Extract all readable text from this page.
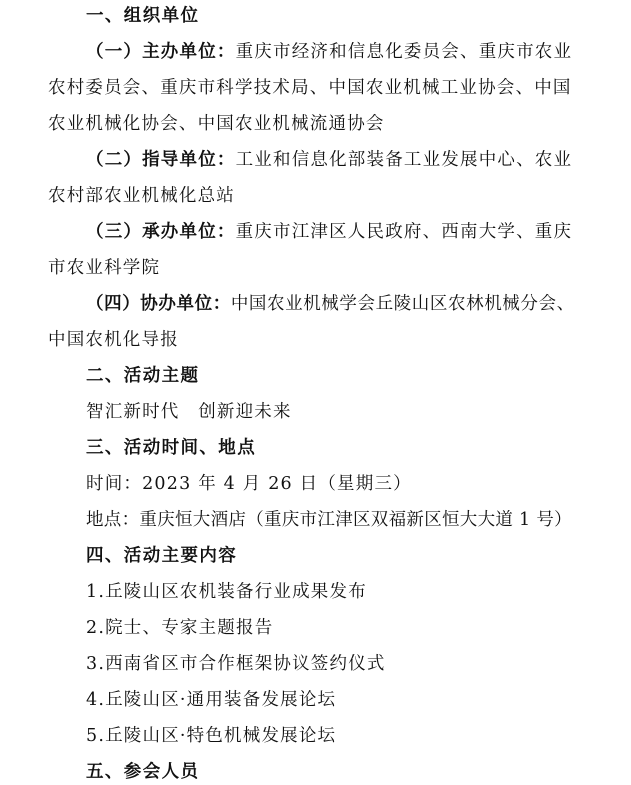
一、组织单位
（一）主办单位：重庆市经济和信息化委员会、重庆市农业
农村委员会、重庆市科学技术局、中国农业机械工业协会、中国
农业机械化协会、中国农业机械流通协会
（二）指导单位：工业和信息化部装备工业发展中心、农业
农村部农业机械化总站
（三）承办单位：重庆市江津区人民政府、西南大学、重庆
市农业科学院
（四）协办单位：中国农业机械学会丘陵山区农林机械分会、
中国农机化导报
二、活动主题
智汇新时代　创新迎未来
三、活动时间、地点
时间：2023 年 4 月 26 日（星期三）
地点：重庆恒大酒店（重庆市江津区双福新区恒大大道 1 号）
四、活动主要内容
1.丘陵山区农机装备行业成果发布
2.院士、专家主题报告
3.西南省区市合作框架协议签约仪式
4.丘陵山区·通用装备发展论坛
5.丘陵山区·特色机械发展论坛
五、参会人员
